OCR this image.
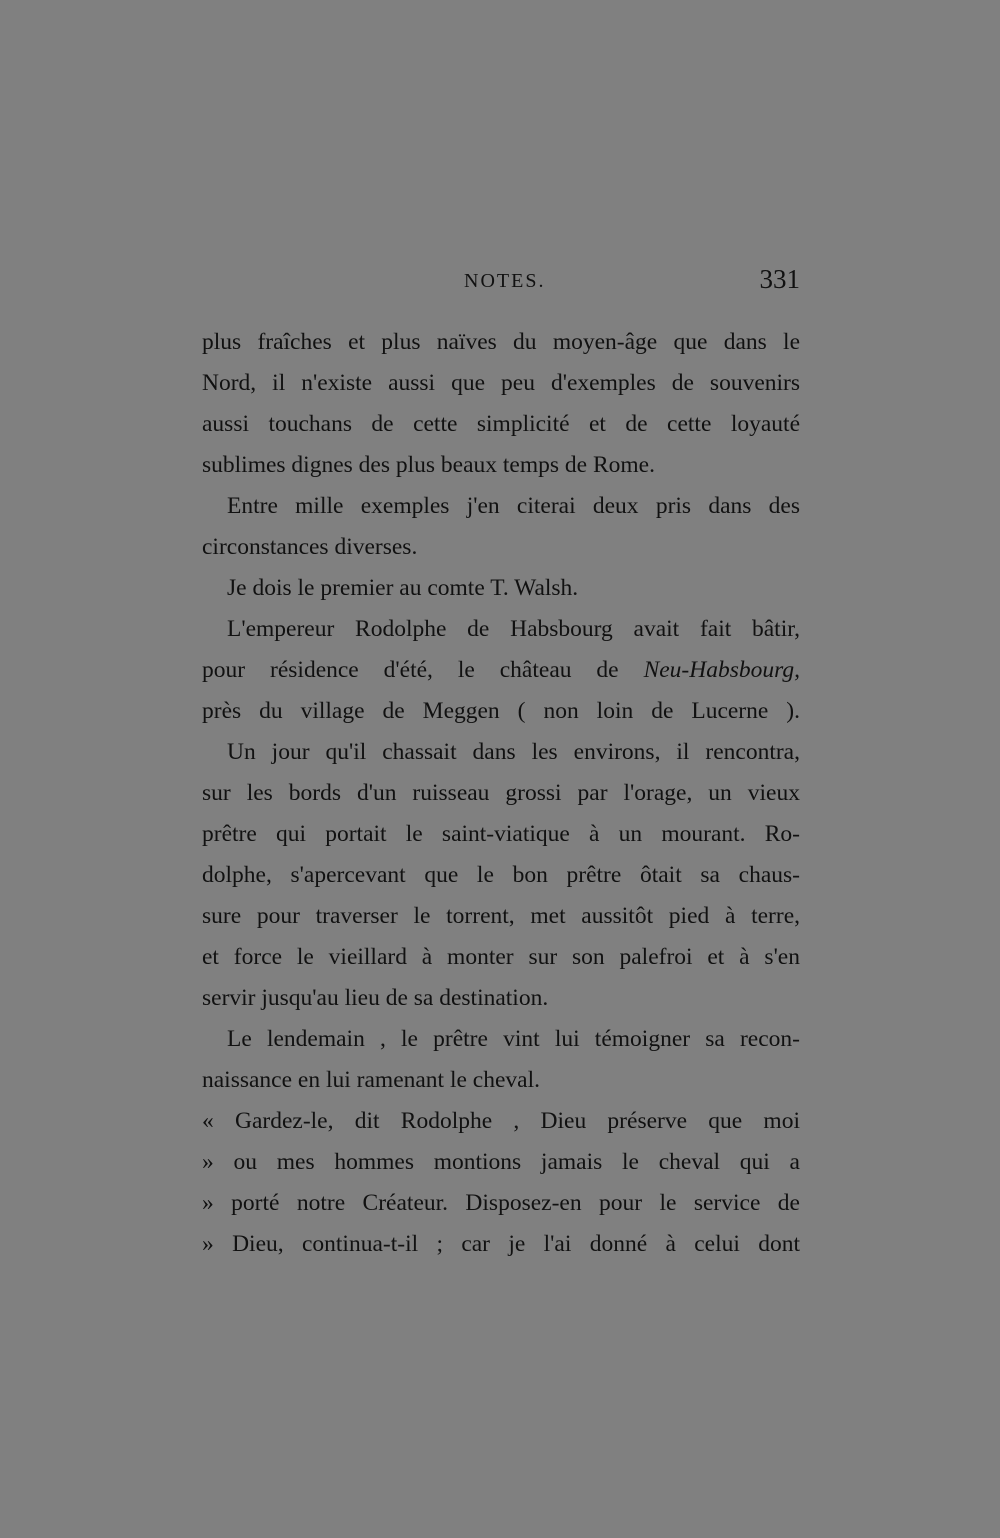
NOTES.	331
plus fraîches et plus naïves du moyen-âge que dans le
Nord, il n'existe aussi que peu d'exemples de souvenirs
aussi touchans de cette simplicité et de cette loyauté
sublimes dignes des plus beaux temps de Rome.
Entre mille exemples j'en citerai deux pris dans des
circonstances diverses.
Je dois le premier au comte T. Walsh.
L'empereur Rodolphe de Habsbourg avait fait bâtir,
pour résidence d'été, le château de Neu-Habsbourg,
près du village de Meggen ( non loin de Lucerne ).
Un jour qu'il chassait dans les environs, il rencontra,
sur les bords d'un ruisseau grossi par l'orage, un vieux
prêtre qui portait le saint-viatique à un mourant. Ro-
dolphe, s'apercevant que le bon prêtre ôtait sa chaus-
sure pour traverser le torrent, met aussitôt pied à terre,
et force le vieillard à monter sur son palefroi et à s'en
servir jusqu'au lieu de sa destination.
Le lendemain , le prêtre vint lui témoigner sa recon-
naissance en lui ramenant le cheval.
« Gardez-le, dit Rodolphe , Dieu préserve que moi
» ou mes hommes montions jamais le cheval qui a
» porté notre Créateur. Disposez-en pour le service de
» Dieu, continua-t-il ; car je l'ai donné à celui dont
